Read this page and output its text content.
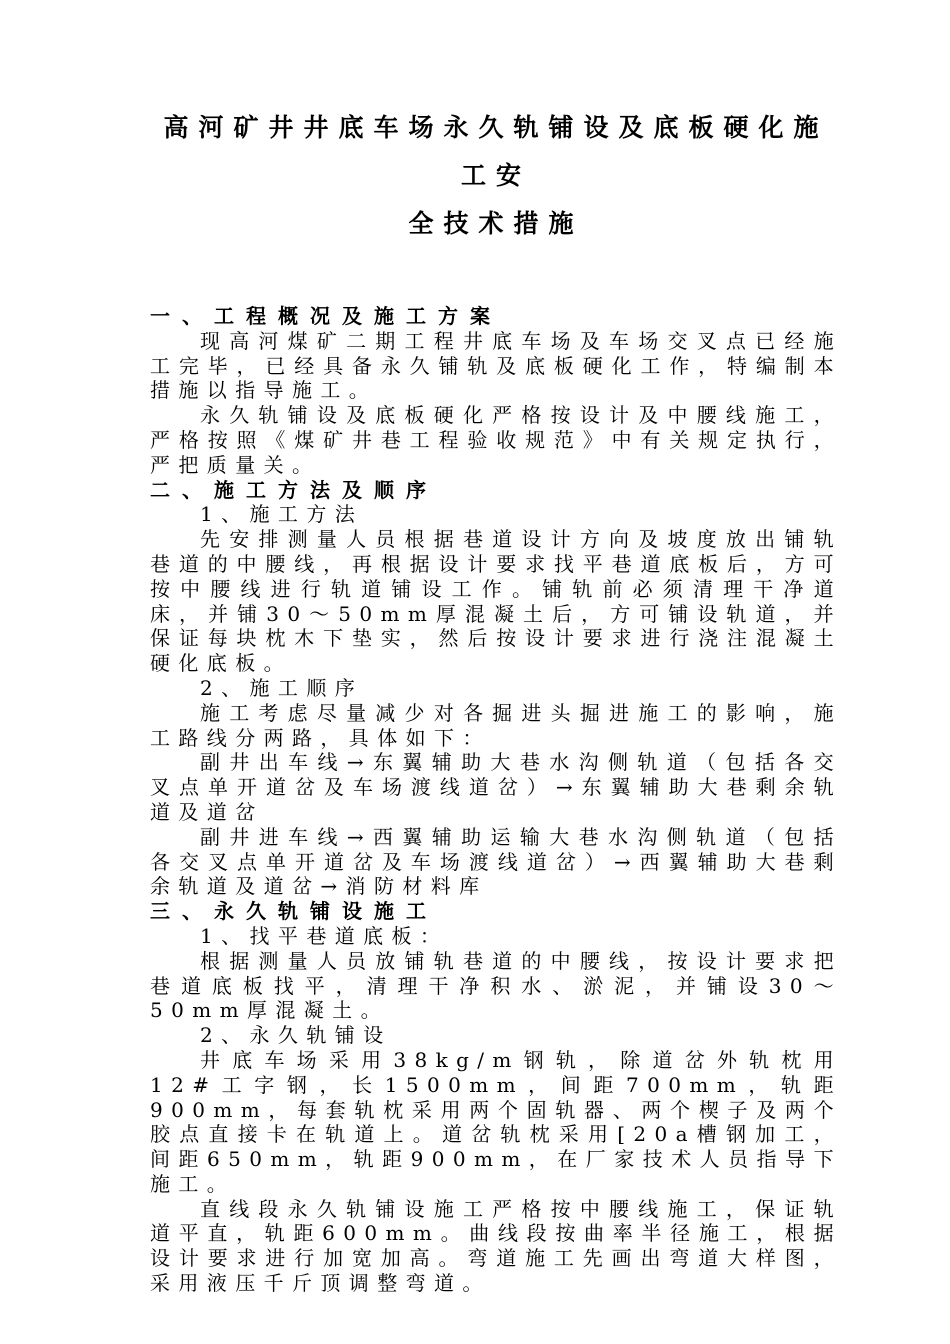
高河矿井井底车场永久轨铺设及底板硬化施工安
全技术措施

一、工程概况及施工方案

现高河煤矿二期工程井底车场及车场交叉点已经施工完毕，已经具备永久铺轨及底板硬化工作，特编制本措施以指导施工。

永久轨铺设及底板硬化严格按设计及中腰线施工，严格按照《煤矿井巷工程验收规范》中有关规定执行，严把质量关。

二、施工方法及顺序

1、施工方法

先安排测量人员根据巷道设计方向及坡度放出铺轨巷道的中腰线，再根据设计要求找平巷道底板后，方可按中腰线进行轨道铺设工作。铺轨前必须清理干净道床，并铺30～50mm厚混凝土后，方可铺设轨道，并保证每块枕木下垫实，然后按设计要求进行浇注混凝土硬化底板。

2、施工顺序

施工考虑尽量减少对各掘进头掘进施工的影响，施工路线分两路，具体如下：

副井出车线→东翼辅助大巷水沟侧轨道（包括各交叉点单开道岔及车场渡线道岔）→东翼辅助大巷剩余轨道及道岔

副井进车线→西翼辅助运输大巷水沟侧轨道（包括各交叉点单开道岔及车场渡线道岔）→西翼辅助大巷剩余轨道及道岔→消防材料库

三、永久轨铺设施工

1、找平巷道底板：

根据测量人员放铺轨巷道的中腰线，按设计要求把巷道底板找平，清理干净积水、淤泥，并铺设30～50mm厚混凝土。

2、永久轨铺设

井底车场采用38kg/m钢轨，除道岔外轨枕用12#工字钢，长1500mm，间距700mm，轨距900mm，每套轨枕采用两个固轨器、两个楔子及两个胶点直接卡在轨道上。道岔轨枕采用[20a槽钢加工，间距650mm，轨距900mm，在厂家技术人员指导下施工。

直线段永久轨铺设施工严格按中腰线施工，保证轨道平直，轨距600mm。曲线段按曲率半径施工，根据设计要求进行加宽加高。弯道施工先画出弯道大样图，采用液压千斤顶调整弯道。
